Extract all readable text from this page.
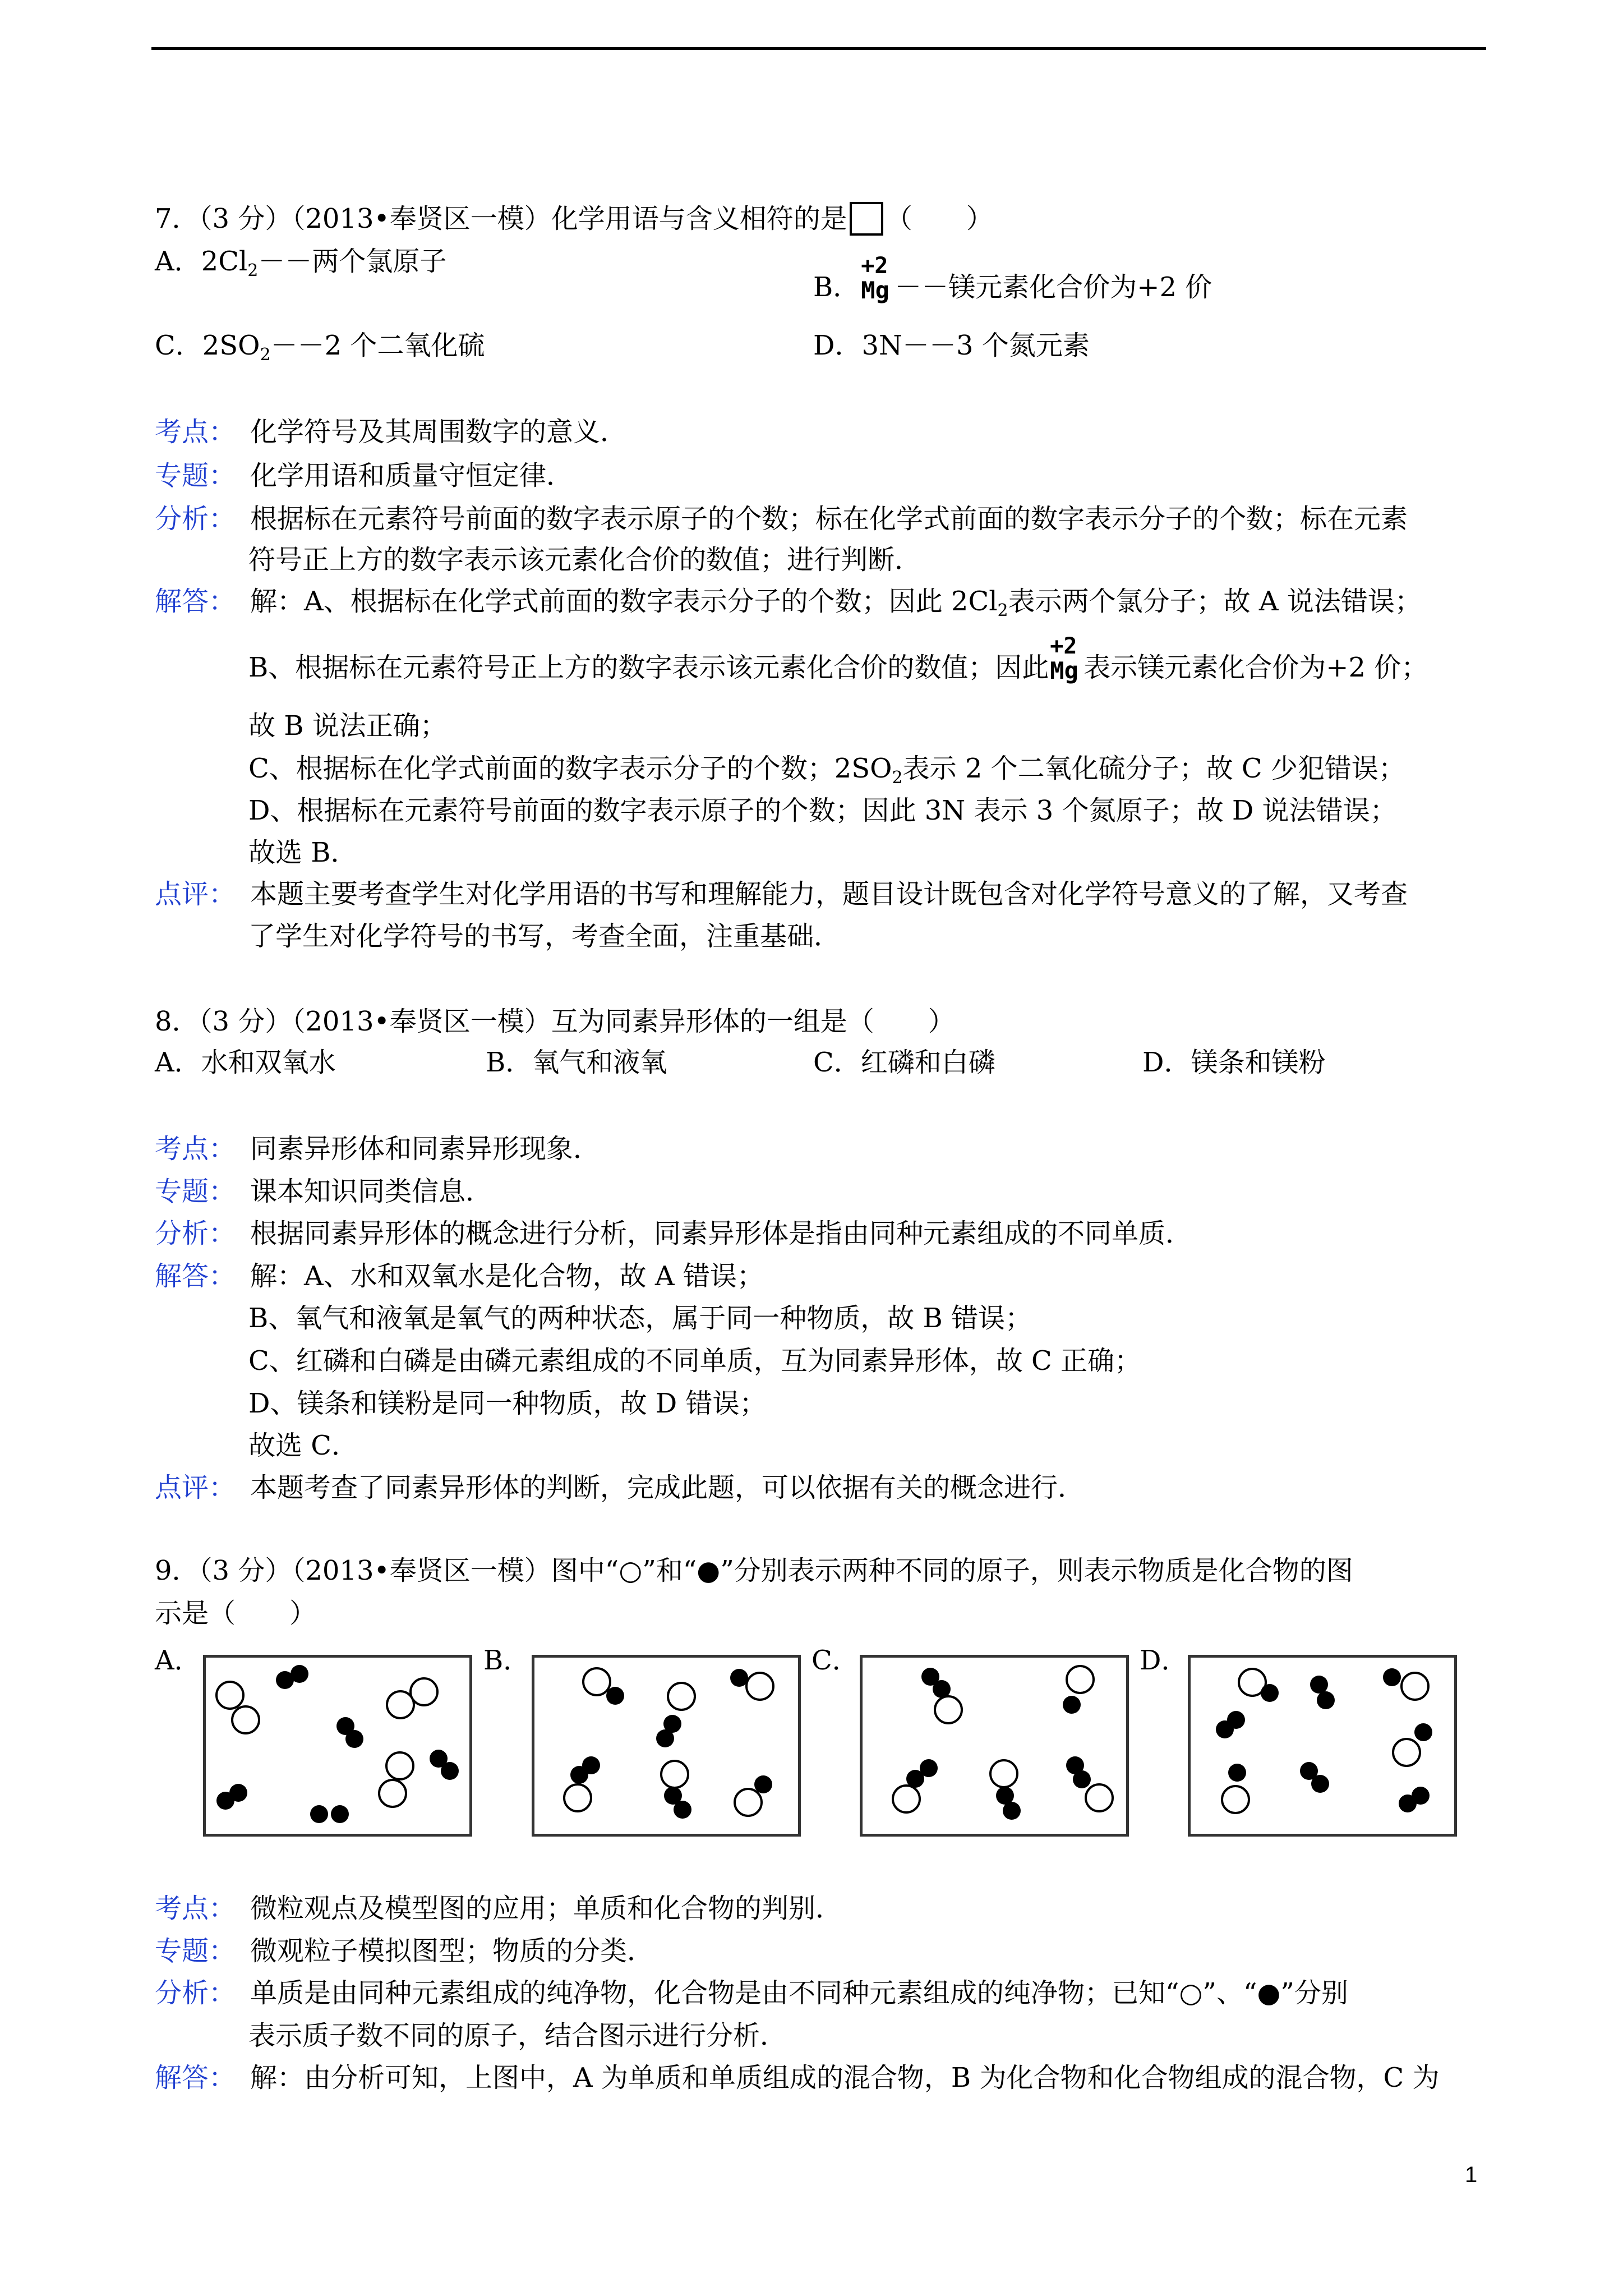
7．（3 分）（2013•奉贤区一模）化学用语与含义相符的是 （　　）
A．$2Cl_2--$两个氯原子
B．
+2
Mg －－镁元素化合价为+2 价
C．$2SO_2--2$ 个二氧化硫	D．3N－－3 个氮元素
考点： 化学符号及其周围数字的意义．
专题： 化学用语和质量守恒定律．
分析： 根据标在元素符号前面的数字表示原子的个数；标在化学式前面的数字表示分子的个数；标在元素
符号正上方的数字表示该元素化合价的数值；进行判断．
解答： 解：A、根据标在化学式前面的数字表示分子的个数；因此 $2Cl_2$表示两个氯分子；故 A 说法错误；
B、根据标在元素符号正上方的数字表示该元素化合价的数值；因此
+2
Mg 表示镁元素化合价为+2 价；
故 B 说法正确；
C、根据标在化学式前面的数字表示分子的个数；$2SO_2$表示 2 个二氧化硫分子；故 C 少犯错误；
D、根据标在元素符号前面的数字表示原子的个数；因此 3N 表示 3 个氮原子；故 D 说法错误；
故选 B．
点评： 本题主要考查学生对化学用语的书写和理解能力，题目设计既包含对化学符号意义的了解，又考查
了学生对化学符号的书写，考查全面，注重基础．
8．（3 分）（2013•奉贤区一模）互为同素异形体的一组是（　　）
A．水和双氧水	B．氧气和液氧	C．红磷和白磷	D．镁条和镁粉
考点： 同素异形体和同素异形现象．
专题： 课本知识同类信息．
分析： 根据同素异形体的概念进行分析，同素异形体是指由同种元素组成的不同单质．
解答： 解：A、水和双氧水是化合物，故 A 错误；
B、氧气和液氧是氧气的两种状态，属于同一种物质，故 B 错误；
C、红磷和白磷是由磷元素组成的不同单质，互为同素异形体，故 C 正确；
D、镁条和镁粉是同一种物质，故 D 错误；
故选 C．
点评： 本题考查了同素异形体的判断，完成此题，可以依据有关的概念进行．
9．（3 分）（2013•奉贤区一模）图中“○”和“●”分别表示两种不同的原子，则表示物质是化合物的图
示是（　　）
A．	B．	C．	D．
考点： 微粒观点及模型图的应用；单质和化合物的判别．
专题： 微观粒子模拟图型；物质的分类．
分析： 单质是由同种元素组成的纯净物，化合物是由不同种元素组成的纯净物；已知“○”、“●”分别
表示质子数不同的原子，结合图示进行分析．
解答： 解：由分析可知，上图中，A 为单质和单质组成的混合物，B 为化合物和化合物组成的混合物，C 为
1
